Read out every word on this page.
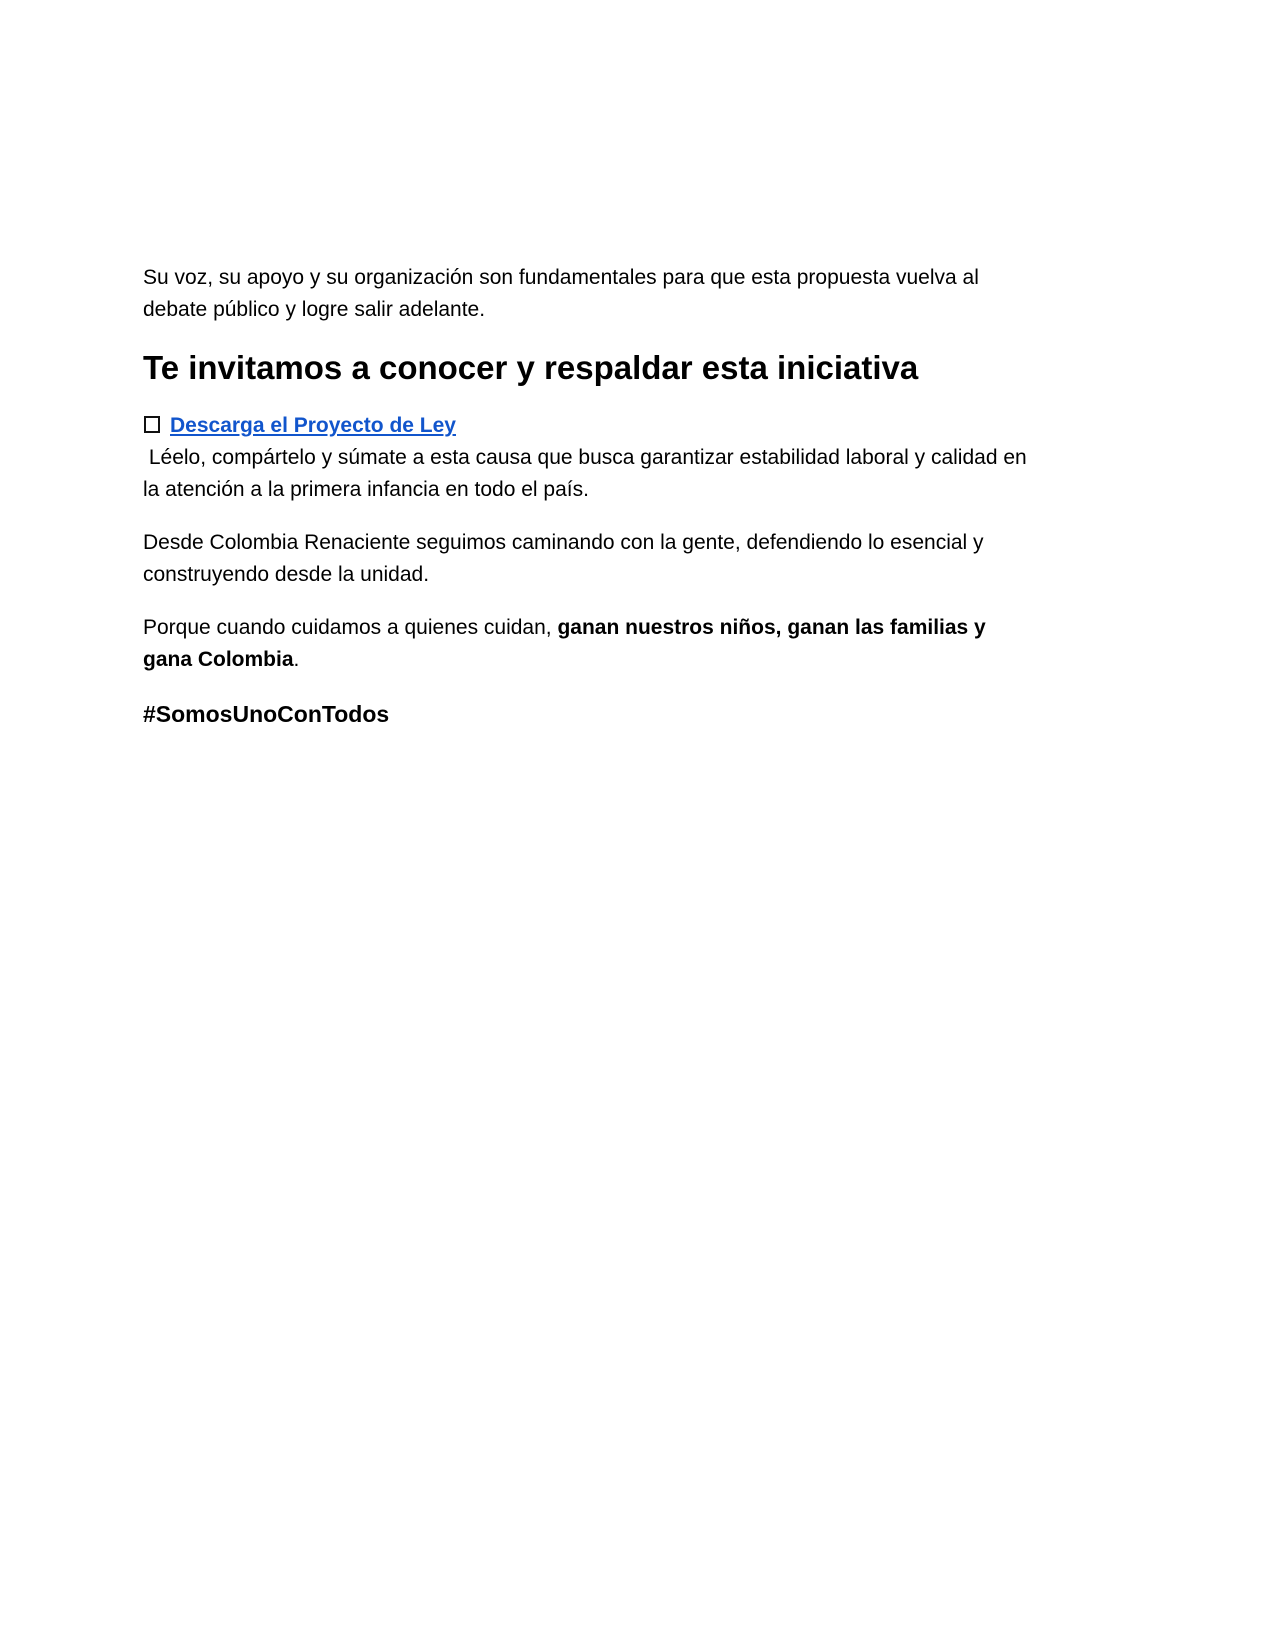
Su voz, su apoyo y su organización son fundamentales para que esta propuesta vuelva al
debate público y logre salir adelante.

Te invitamos a conocer y respaldar esta iniciativa

Descarga el Proyecto de Ley
Léelo, compártelo y súmate a esta causa que busca garantizar estabilidad laboral y calidad en
la atención a la primera infancia en todo el país.

Desde Colombia Renaciente seguimos caminando con la gente, defendiendo lo esencial y
construyendo desde la unidad.

Porque cuando cuidamos a quienes cuidan, ganan nuestros niños, ganan las familias y
gana Colombia.

#SomosUnoConTodos
